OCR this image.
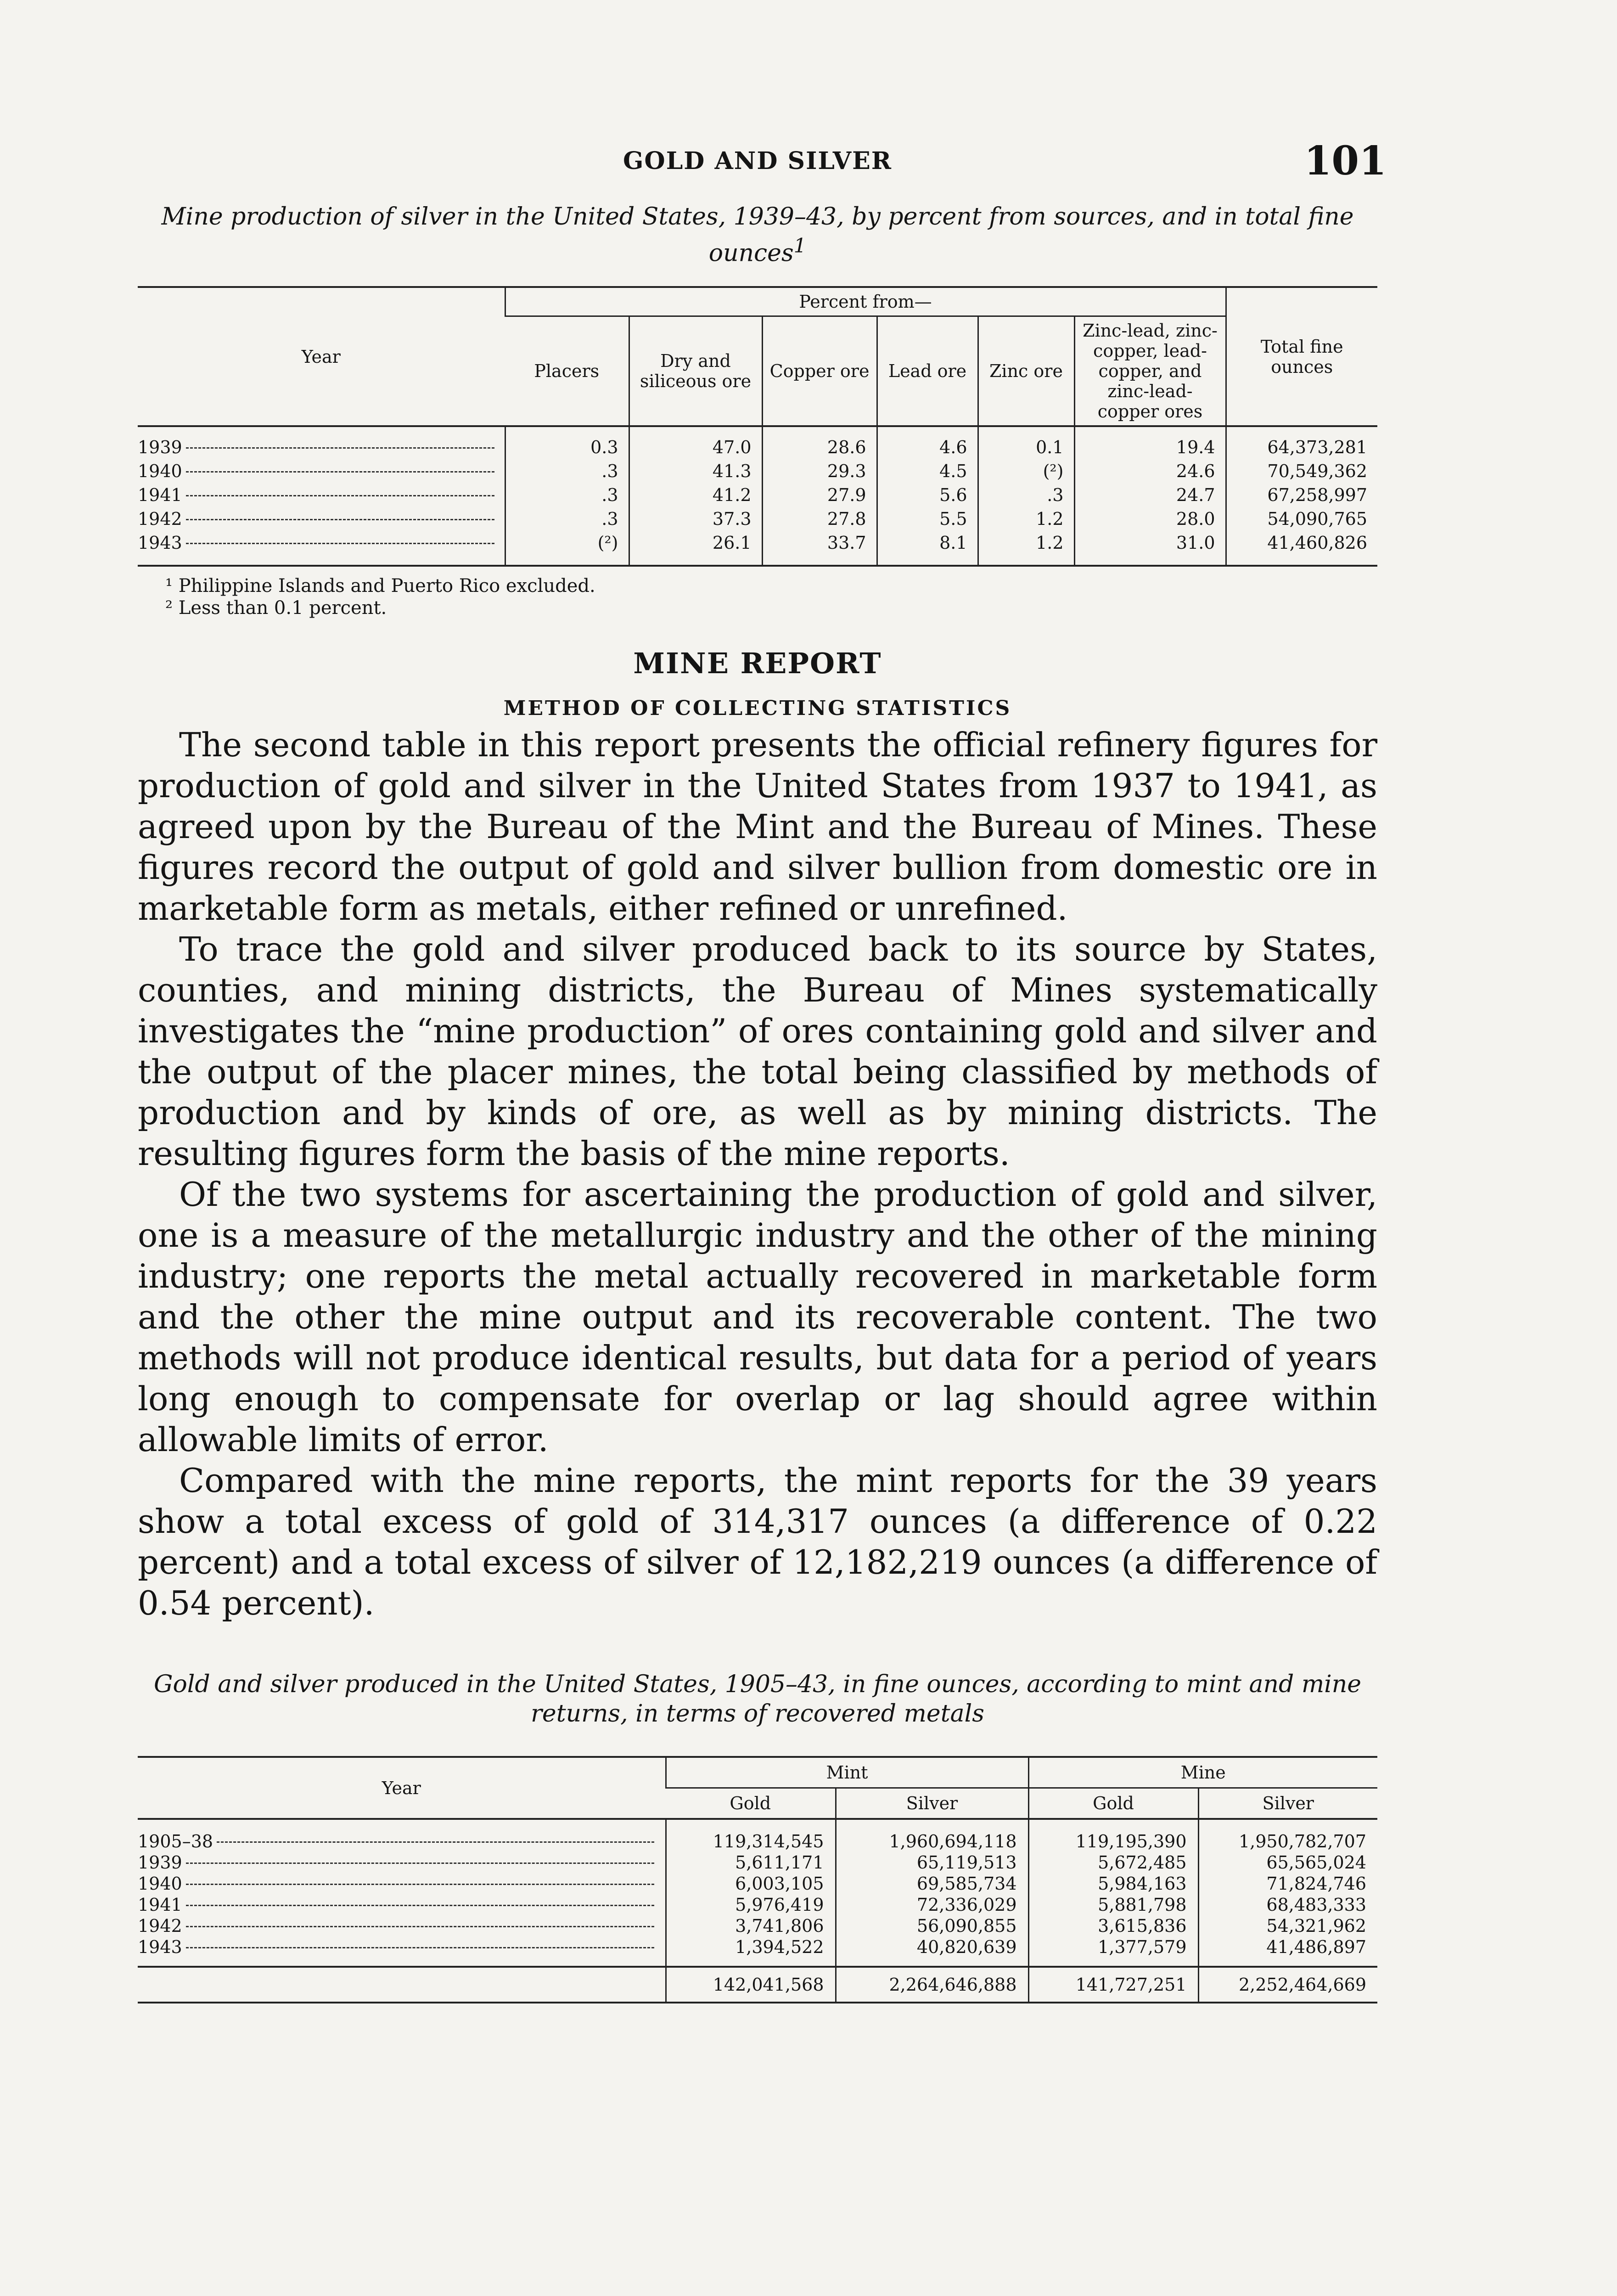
GOLD AND SILVER	101
Mine production of silver in the United States, 1939–43, by percent from sources, and in total fine ounces$^1$
Year	Percent from—						Total fine ounces
	Placers	Dry and siliceous ore	Copper ore	Lead ore	Zinc ore	Zinc-lead, zinc-copper, lead-copper, and zinc-lead-copper ores	

1939	0.3	47.0	28.6	4.6	0.1	19.4	64,373,281

1940	.3	41.3	29.3	4.5	(²)	24.6	70,549,362

1941	.3	41.2	27.9	5.6	.3	24.7	67,258,997

1942	.3	37.3	27.8	5.5	1.2	28.0	54,090,765

1943	(²)	26.1	33.7	8.1	1.2	31.0	41,460,826
¹ Philippine Islands and Puerto Rico excluded.
² Less than 0.1 percent.
MINE REPORT
METHOD OF COLLECTING STATISTICS

The second table in this report presents the official refinery figures for production of gold and silver in the United States from 1937 to 1941, as agreed upon by the Bureau of the Mint and the Bureau of Mines. These figures record the output of gold and silver bullion from domestic ore in marketable form as metals, either refined or unrefined.

To trace the gold and silver produced back to its source by States, counties, and mining districts, the Bureau of Mines systematically investigates the “mine production” of ores containing gold and silver and the output of the placer mines, the total being classified by methods of production and by kinds of ore, as well as by mining districts. The resulting figures form the basis of the mine reports.

Of the two systems for ascertaining the production of gold and silver, one is a measure of the metallurgic industry and the other of the mining industry; one reports the metal actually recovered in marketable form and the other the mine output and its recoverable content. The two methods will not produce identical results, but data for a period of years long enough to compensate for overlap or lag should agree within allowable limits of error.

Compared with the mine reports, the mint reports for the 39 years show a total excess of gold of 314,317 ounces (a difference of 0.22 percent) and a total excess of silver of 12,182,219 ounces (a difference of 0.54 percent).

Gold and silver produced in the United States, 1905–43, in fine ounces, according to mint and mine returns, in terms of recovered metals
Year	Mint		Mine	
	Gold	Silver	Gold	Silver

1905–38	119,314,545	1,960,694,118	119,195,390	1,950,782,707

1939	5,611,171	65,119,513	5,672,485	65,565,024

1940	6,003,105	69,585,734	5,984,163	71,824,746

1941	5,976,419	72,336,029	5,881,798	68,483,333

1942	3,741,806	56,090,855	3,615,836	54,321,962

1943	1,394,522	40,820,639	1,377,579	41,486,897
	142,041,568	2,264,646,888	141,727,251	2,252,464,669
